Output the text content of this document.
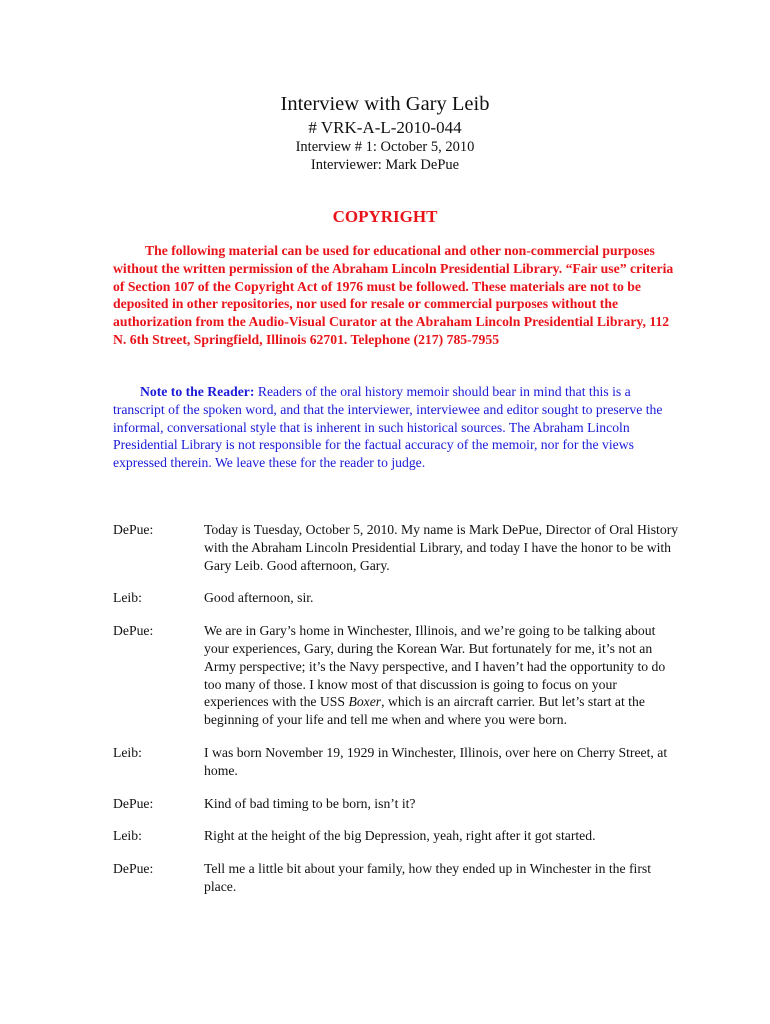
Interview with Gary Leib

# VRK-A-L-2010-044

Interview # 1: October 5, 2010

Interviewer: Mark DePue

COPYRIGHT

The following material can be used for educational and other non-commercial purposes without the written permission of the Abraham Lincoln Presidential Library. “Fair use” criteria of Section 107 of the Copyright Act of 1976 must be followed. These materials are not to be deposited in other repositories, nor used for resale or commercial purposes without the authorization from the Audio-Visual Curator at the Abraham Lincoln Presidential Library, 112 N. 6th Street, Springfield, Illinois 62701. Telephone (217) 785-7955

Note to the Reader: Readers of the oral history memoir should bear in mind that this is a transcript of the spoken word, and that the interviewer, interviewee and editor sought to preserve the informal, conversational style that is inherent in such historical sources. The Abraham Lincoln Presidential Library is not responsible for the factual accuracy of the memoir, nor for the views expressed therein. We leave these for the reader to judge.

DePue:	Today is Tuesday, October 5, 2010. My name is Mark DePue, Director of Oral History with the Abraham Lincoln Presidential Library, and today I have the honor to be with Gary Leib. Good afternoon, Gary.
Leib:	Good afternoon, sir.
DePue:	We are in Gary’s home in Winchester, Illinois, and we’re going to be talking about your experiences, Gary, during the Korean War. But fortunately for me, it’s not an Army perspective; it’s the Navy perspective, and I haven’t had the opportunity to do too many of those. I know most of that discussion is going to focus on your experiences with the USS Boxer, which is an aircraft carrier. But let’s start at the beginning of your life and tell me when and where you were born.
Leib:	I was born November 19, 1929 in Winchester, Illinois, over here on Cherry Street, at home.
DePue:	Kind of bad timing to be born, isn’t it?
Leib:	Right at the height of the big Depression, yeah, right after it got started.
DePue:	Tell me a little bit about your family, how they ended up in Winchester in the first place.
